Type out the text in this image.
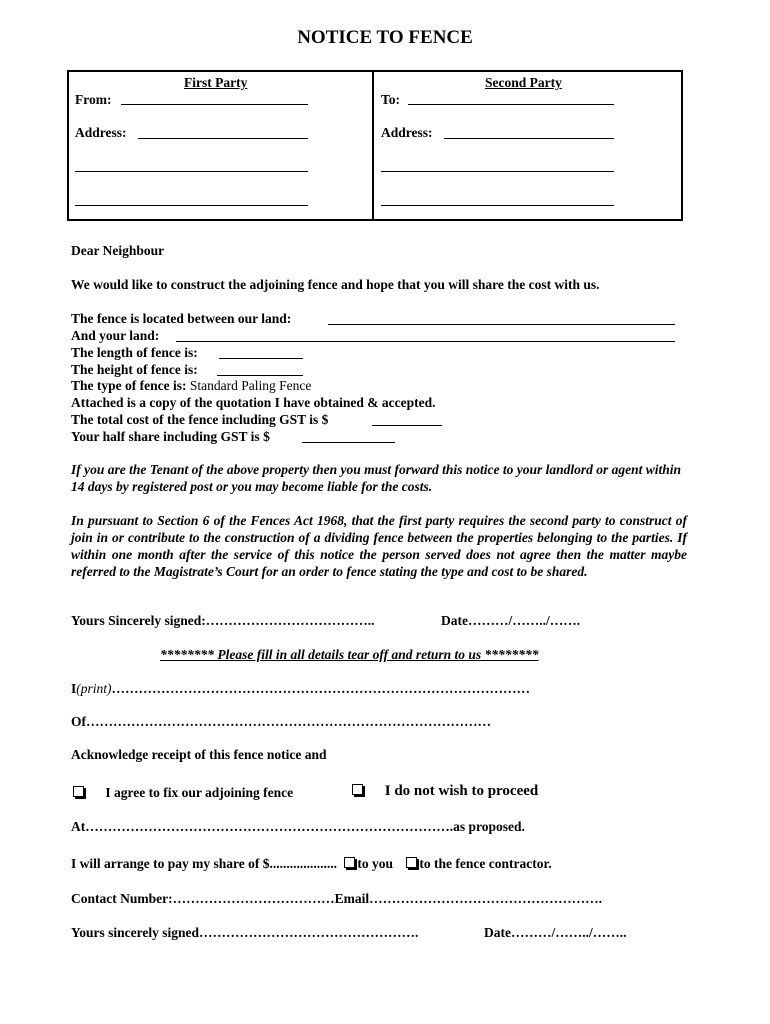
NOTICE TO FENCE
First Party
From:
Address:
Second Party
To:
Address:
Dear Neighbour
We would like to construct the adjoining fence and hope that you will share the cost with us.
The fence is located between our land:
And your land:
The length of fence is:
The height of fence is:
The type of fence is: Standard Paling Fence
Attached is a copy of the quotation I have obtained & accepted.
The total cost of the fence including GST is $
Your half share including GST is $
If you are the Tenant of the above property then you must forward this notice to your landlord or agent within 14 days by registered post or you may become liable for the costs.
In pursuant to Section 6 of the Fences Act 1968, that the first party requires the second party to construct of join in or contribute to the construction of a dividing fence between the properties belonging to the parties. If within one month after the service of this notice the person served does not agree then the matter maybe referred to the Magistrate’s Court for an order to fence stating the type and cost to be shared.
Yours Sincerely signed:………………………………..	Date………/……../…….
******** Please fill in all details tear off and return to us ********
I(print)…………………………………………………………………………………
Of………………………………………………………………………………
Acknowledge receipt of this fence notice and
I agree to fix our adjoining fence	I do not wish to proceed
At……………………………………………………………………….as proposed.
I will arrange to pay my share of $.................... to you to the fence contractor.
Contact Number:………………………………Email…………………………………………….
Yours sincerely signed………………………………………….	Date………/……../……..
